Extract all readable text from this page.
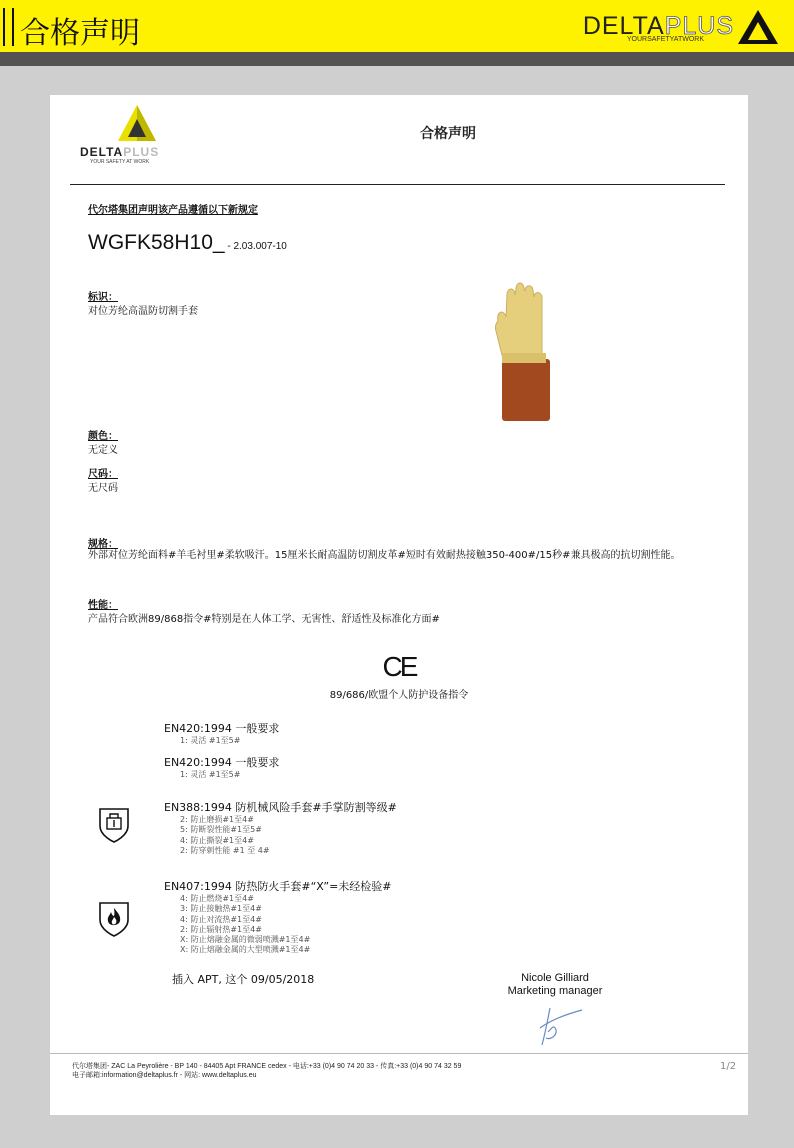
合格声明	DELTAPLUS
YOURSAFETYATWORK
DELTAPLUS
YOUR SAFETY AT WORK
合格声明
代尔塔集团声明该产品遵循以下新规定
WGFK58H10_ - 2.03.007-10
标识：
对位芳纶高温防切割手套
颜色：
无定义
尺码：
无尺码
规格：
外部对位芳纶面料#羊毛衬里#柔软吸汗。15厘米长耐高温防切割皮革#短时有效耐热接触350-400#/15秒#兼具极高的抗切割性能。
性能：
产品符合欧洲89/868指令#特别是在人体工学、无害性、舒适性及标准化方面#
CE
89/686/欧盟个人防护设备指令
EN420:1994 一般要求
1: 灵活 #1至5#
EN420:1994 一般要求
1: 灵活 #1至5#
EN388:1994 防机械风险手套#手掌防割等级#
2: 防止磨损#1至4#
5: 防断裂性能#1至5#
4: 防止撕裂#1至4#
2: 防穿刺性能 #1 至 4#
EN407:1994 防热防火手套#“X”=未经检验#
4: 防止燃烧#1至4#
3: 防止接触热#1至4#
4: 防止对流热#1至4#
2: 防止辐射热#1至4#
X: 防止熔融金属的微弱喷溅#1至4#
X: 防止熔融金属的大型喷溅#1至4#
插入 APT, 这个 09/05/2018	Nicole Gilliard
Marketing manager
代尔塔集团- ZAC La Peyrolière - BP 140 - 84405 Apt FRANCE cedex - 电话:+33 (0)4 90 74 20 33 - 传真:+33 (0)4 90 74 32 59
电子邮箱:information@deltaplus.fr - 网站: www.deltaplus.eu
1/2
